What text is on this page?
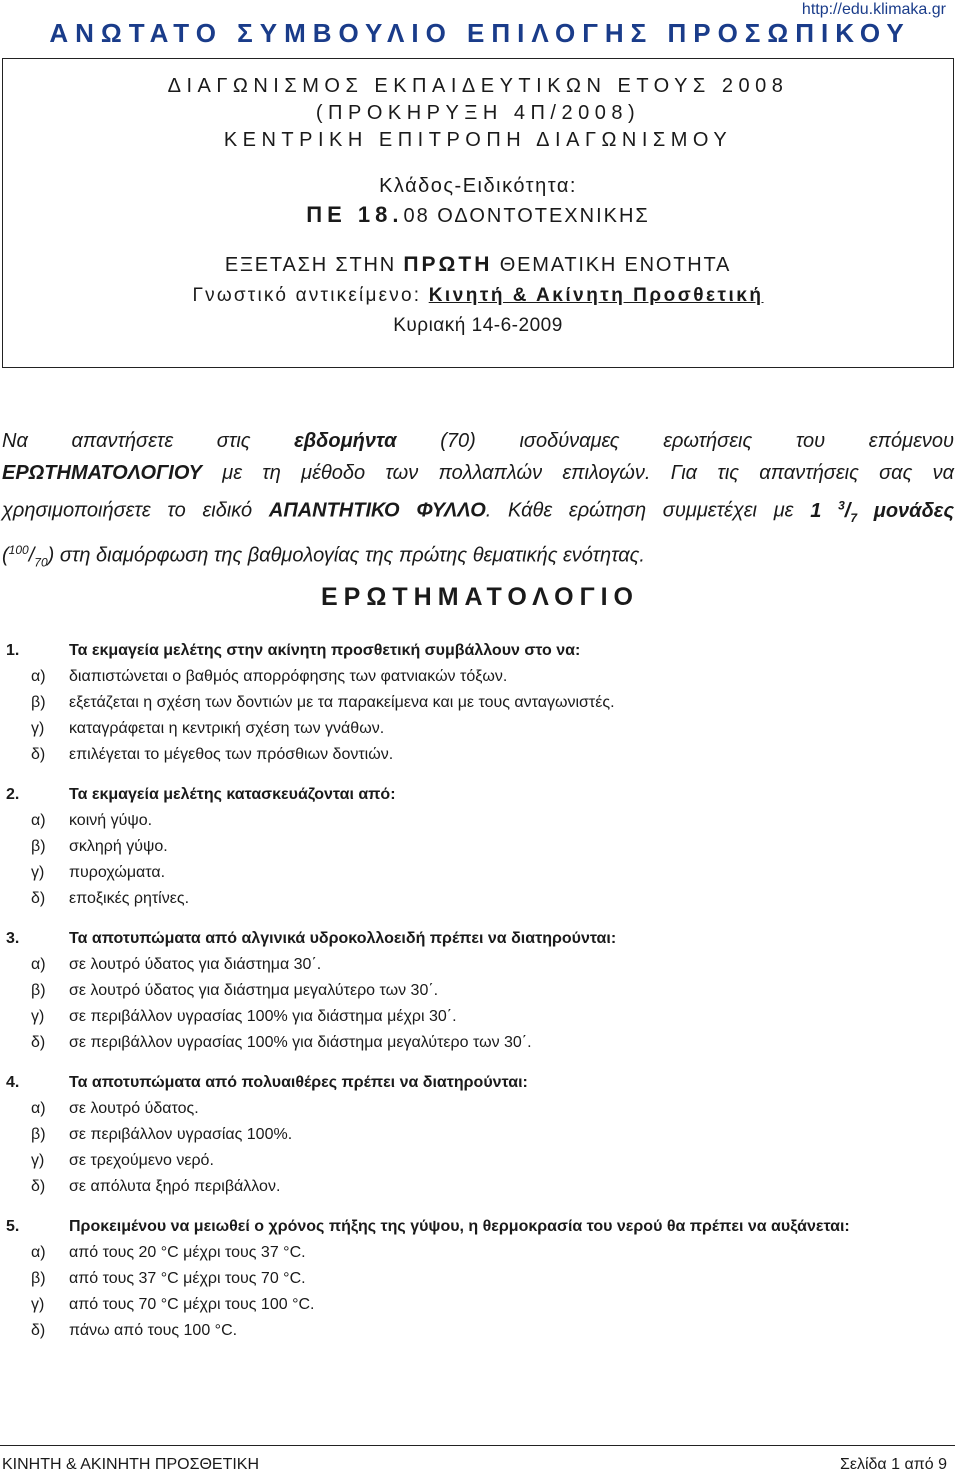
http://edu.klimaka.gr
ΑΝΩΤΑΤΟ ΣΥΜΒΟΥΛΙΟ ΕΠΙΛΟΓΗΣ ΠΡΟΣΩΠΙΚΟΥ
ΔΙΑΓΩΝΙΣΜΟΣ ΕΚΠΑΙΔΕΥΤΙΚΩΝ ΕΤΟΥΣ 2008
(ΠΡΟΚΗΡΥΞΗ 4Π/2008)
ΚΕΝΤΡΙΚΗ ΕΠΙΤΡΟΠΗ ΔΙΑΓΩΝΙΣΜΟΥ
Κλάδος-Ειδικότητα:
ΠΕ 18.08 ΟΔΟΝΤΟΤΕΧΝΙΚΗΣ
ΕΞΕΤΑΣΗ ΣΤΗΝ ΠΡΩΤΗ ΘΕΜΑΤΙΚΗ ΕΝΟΤΗΤΑ
Γνωστικό αντικείμενο: Κινητή & Ακίνητη Προσθετική
Κυριακή 14-6-2009
Να απαντήσετε στις εβδομήντα (70) ισοδύναμες ερωτήσεις του επόμενου
ΕΡΩΤΗΜΑΤΟΛΟΓΙΟΥ με τη μέθοδο των πολλαπλών επιλογών. Για τις απαντήσεις σας να
χρησιμοποιήσετε το ειδικό ΑΠΑΝΤΗΤΙΚΟ ΦΥΛΛΟ. Κάθε ερώτηση συμμετέχει με 1 $^3/_7$ μονάδες
$(^{100}/_{70})$ στη διαμόρφωση της βαθμολογίας της πρώτης θεματικής ενότητας.
ΕΡΩΤΗΜΑΤΟΛΟΓΙΟ
1.	Τα εκμαγεία μελέτης στην ακίνητη προσθετική συμβάλλουν στο να:
α)	διαπιστώνεται ο βαθμός απορρόφησης των φατνιακών τόξων.
β)	εξετάζεται η σχέση των δοντιών με τα παρακείμενα και με τους ανταγωνιστές.
γ)	καταγράφεται η κεντρική σχέση των γνάθων.
δ)	επιλέγεται το μέγεθος των πρόσθιων δοντιών.
2.	Τα εκμαγεία μελέτης κατασκευάζονται από:
α)	κοινή γύψο.
β)	σκληρή γύψο.
γ)	πυροχώματα.
δ)	εποξικές ρητίνες.
3.	Τα αποτυπώματα από αλγινικά υδροκολλοειδή πρέπει να διατηρούνται:
α)	σε λουτρό ύδατος για διάστημα 30΄.
β)	σε λουτρό ύδατος για διάστημα μεγαλύτερο των 30΄.
γ)	σε περιβάλλον υγρασίας 100% για διάστημα μέχρι 30΄.
δ)	σε περιβάλλον υγρασίας 100% για διάστημα μεγαλύτερο των 30΄.
4.	Τα αποτυπώματα από πολυαιθέρες πρέπει να διατηρούνται:
α)	σε λουτρό ύδατος.
β)	σε περιβάλλον υγρασίας 100%.
γ)	σε τρεχούμενο νερό.
δ)	σε απόλυτα ξηρό περιβάλλον.
5.	Προκειμένου να μειωθεί ο χρόνος πήξης της γύψου, η θερμοκρασία του νερού θα πρέπει να αυξάνεται:
α)	από τους 20 °C μέχρι τους 37 °C.
β)	από τους 37 °C μέχρι τους 70 °C.
γ)	από τους 70 °C μέχρι τους 100 °C.
δ)	πάνω από τους 100 °C.
ΚΙΝΗΤΗ & ΑΚΙΝΗΤΗ ΠΡΟΣΘΕΤΙΚΗ	Σελίδα 1 από 9
